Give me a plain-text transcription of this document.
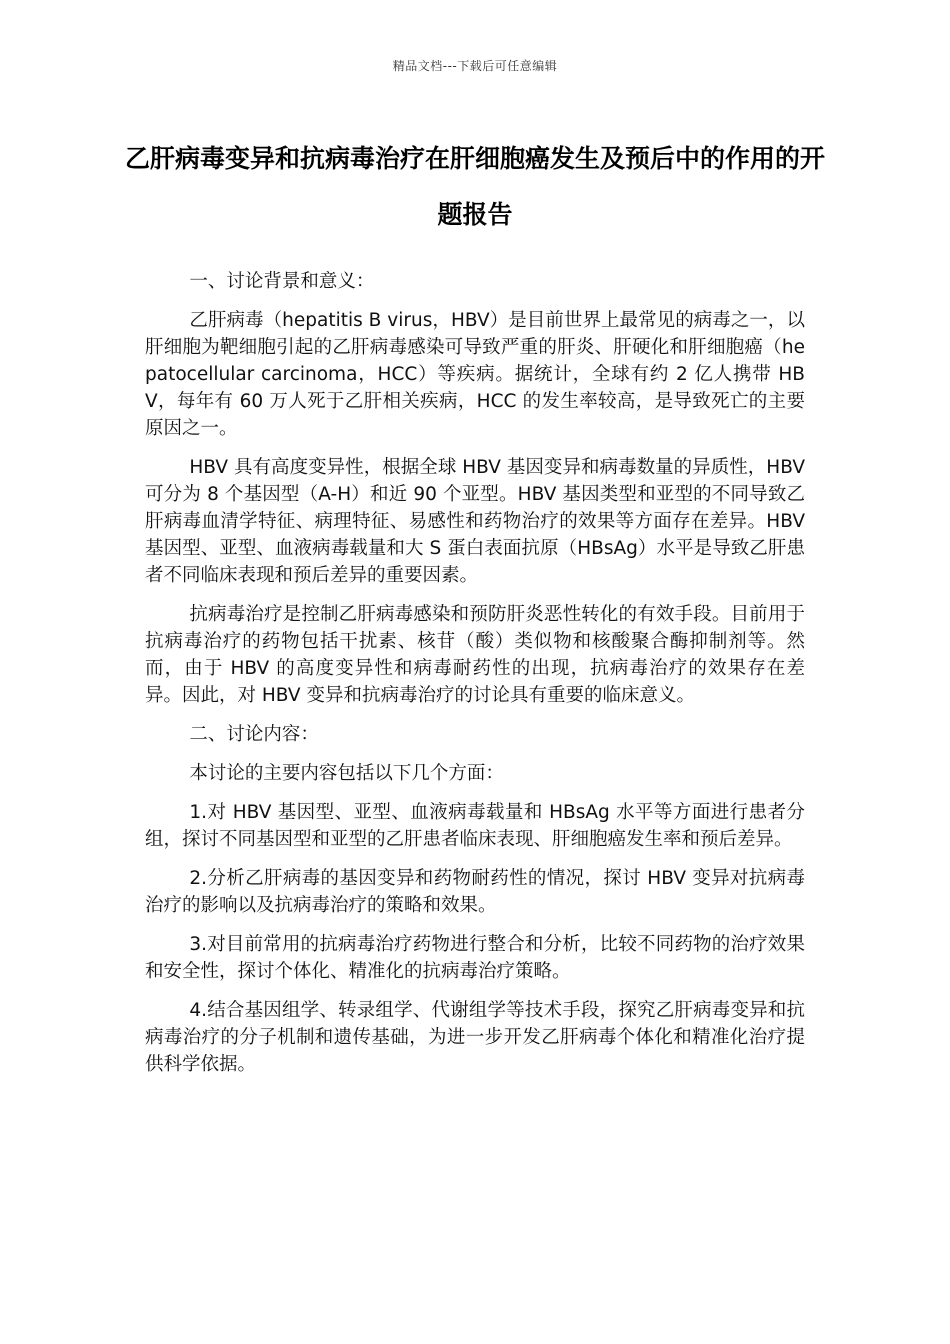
精品文档---下载后可任意编辑
乙肝病毒变异和抗病毒治疗在肝细胞癌发生及预后中的作用的开题报告

一、讨论背景和意义：

乙肝病毒（hepatitis B virus，HBV）是目前世界上最常见的病毒之一，以肝细胞为靶细胞引起的乙肝病毒感染可导致严重的肝炎、肝硬化和肝细胞癌（hepatocellular carcinoma，HCC）等疾病。据统计，全球有约 2 亿人携带 HBV，每年有 60 万人死于乙肝相关疾病，HCC 的发生率较高，是导致死亡的主要原因之一。

HBV 具有高度变异性，根据全球 HBV 基因变异和病毒数量的异质性，HBV 可分为 8 个基因型（A-H）和近 90 个亚型。HBV 基因类型和亚型的不同导致乙肝病毒血清学特征、病理特征、易感性和药物治疗的效果等方面存在差异。HBV 基因型、亚型、血液病毒载量和大 S 蛋白表面抗原（HBsAg）水平是导致乙肝患者不同临床表现和预后差异的重要因素。

抗病毒治疗是控制乙肝病毒感染和预防肝炎恶性转化的有效手段。目前用于抗病毒治疗的药物包括干扰素、核苷（酸）类似物和核酸聚合酶抑制剂等。然而，由于 HBV 的高度变异性和病毒耐药性的出现，抗病毒治疗的效果存在差异。因此，对 HBV 变异和抗病毒治疗的讨论具有重要的临床意义。

二、讨论内容：

本讨论的主要内容包括以下几个方面：

1.对 HBV 基因型、亚型、血液病毒载量和 HBsAg 水平等方面进行患者分组，探讨不同基因型和亚型的乙肝患者临床表现、肝细胞癌发生率和预后差异。

2.分析乙肝病毒的基因变异和药物耐药性的情况，探讨 HBV 变异对抗病毒治疗的影响以及抗病毒治疗的策略和效果。

3.对目前常用的抗病毒治疗药物进行整合和分析，比较不同药物的治疗效果和安全性，探讨个体化、精准化的抗病毒治疗策略。

4.结合基因组学、转录组学、代谢组学等技术手段，探究乙肝病毒变异和抗病毒治疗的分子机制和遗传基础，为进一步开发乙肝病毒个体化和精准化治疗提供科学依据。
